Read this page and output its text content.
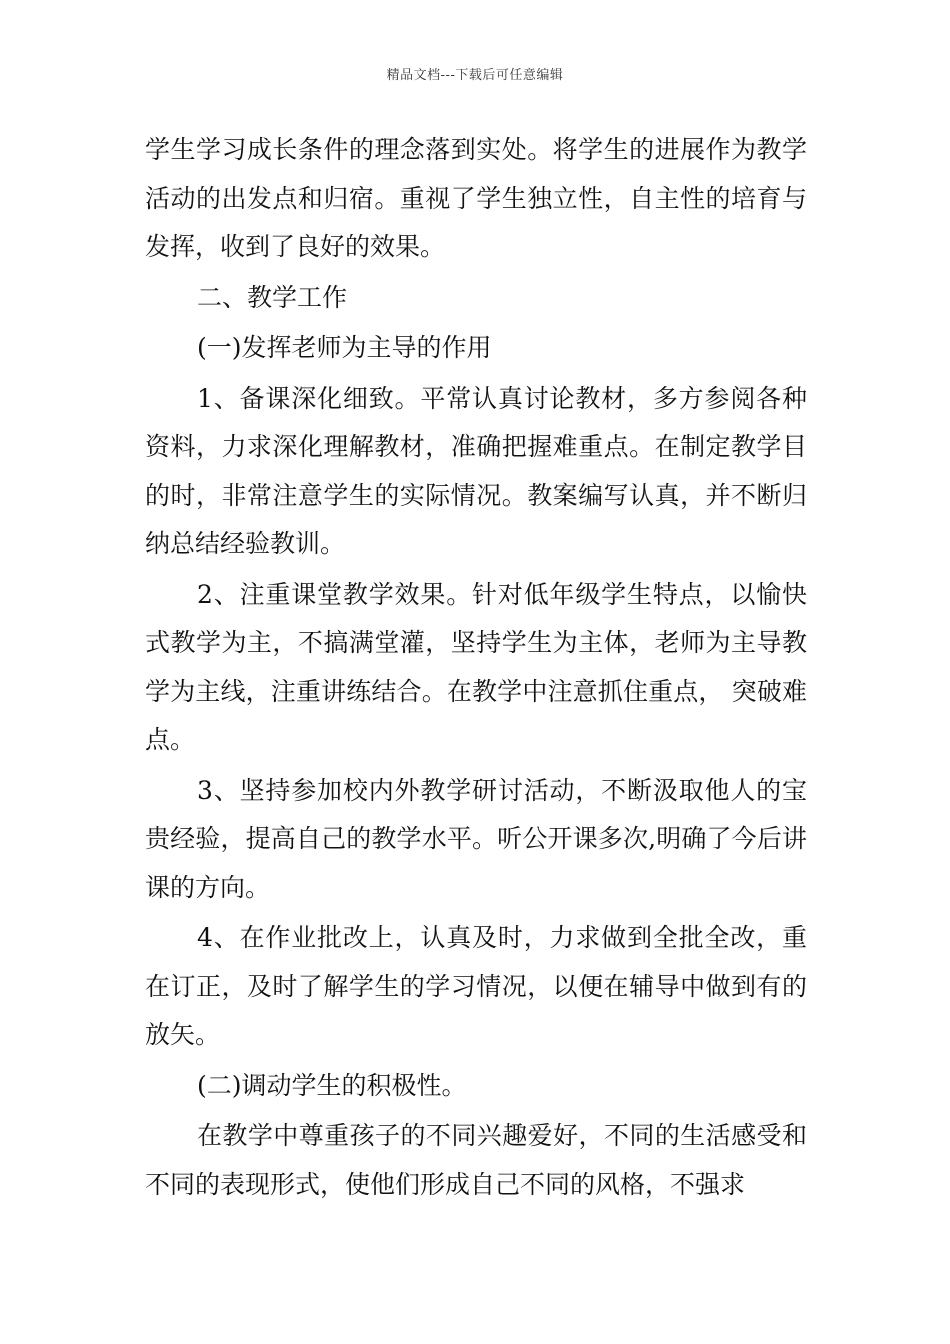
精品文档---下载后可任意编辑

学生学习成长条件的理念落到实处。将学生的进展作为教学活动的出发点和归宿。重视了学生独立性，自主性的培育与发挥，收到了良好的效果。

二、教学工作

(一)发挥老师为主导的作用

1、备课深化细致。平常认真讨论教材，多方参阅各种资料，力求深化理解教材，准确把握难重点。在制定教学目的时，非常注意学生的实际情况。教案编写认真，并不断归纳总结经验教训。

2、注重课堂教学效果。针对低年级学生特点，以愉快式教学为主，不搞满堂灌，坚持学生为主体，老师为主导教学为主线，注重讲练结合。在教学中注意抓住重点， 突破难点。

3、坚持参加校内外教学研讨活动，不断汲取他人的宝贵经验，提高自己的教学水平。听公开课多次,明确了今后讲课的方向。

4、在作业批改上，认真及时，力求做到全批全改，重在订正，及时了解学生的学习情况，以便在辅导中做到有的放矢。

(二)调动学生的积极性。

在教学中尊重孩子的不同兴趣爱好，不同的生活感受和不同的表现形式，使他们形成自己不同的风格，不强求
